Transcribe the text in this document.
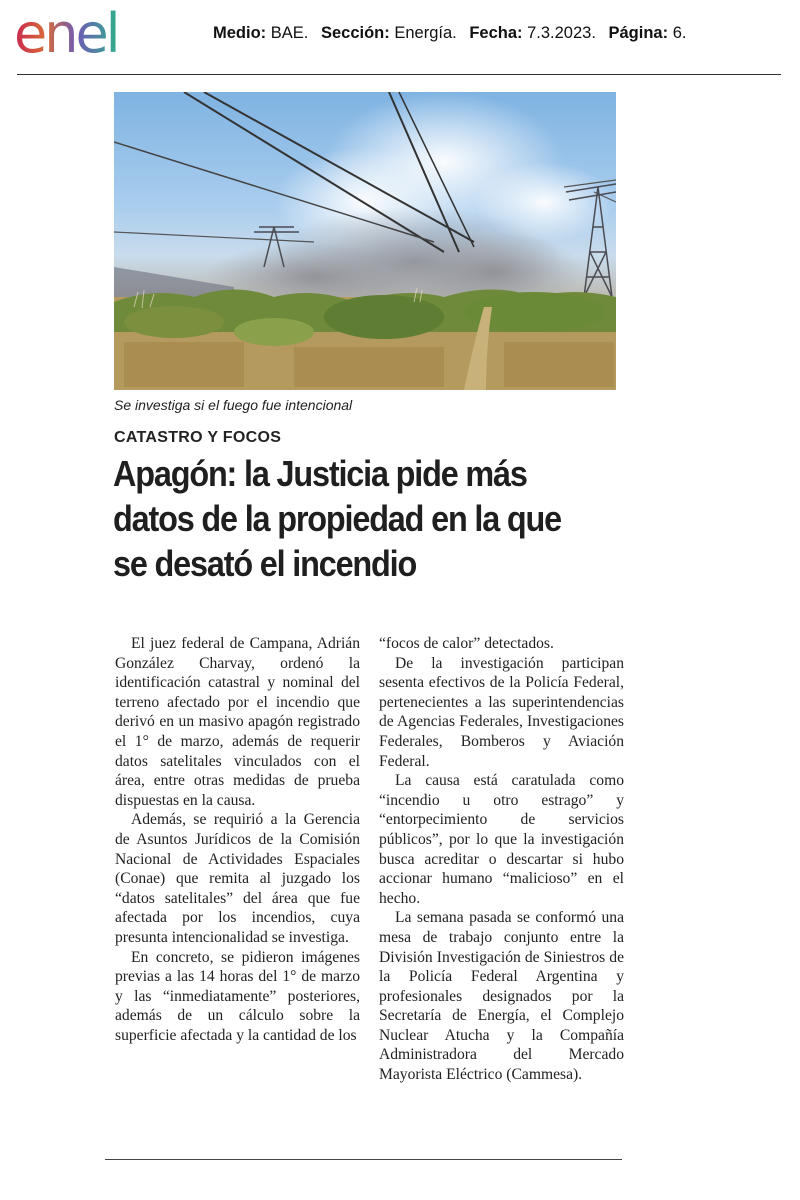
enel	Medio: BAE. Sección: Energía. Fecha: 7.3.2023. Página: 6.
Se investiga si el fuego fue intencional
CATASTRO Y FOCOS
Apagón: la Justicia pide más datos de la propiedad en la que se desató el incendio

El juez federal de Campana, Adrián González Charvay, ordenó la identificación catastral y nominal del terreno afectado por el incendio que derivó en un masivo apagón registrado el 1° de marzo, además de requerir datos satelitales vinculados con el área, entre otras medidas de prueba dispuestas en la causa.

Además, se requirió a la Gerencia de Asuntos Jurídicos de la Comisión Nacional de Actividades Espaciales (Conae) que remita al juzgado los “datos satelitales” del área que fue afectada por los incendios, cuya presunta intencionalidad se investiga.

En concreto, se pidieron imágenes previas a las 14 horas del 1° de marzo y las “inmediatamente” posteriores, además de un cálculo sobre la superficie afectada y la cantidad de los

“focos de calor” detectados.

De la investigación participan sesenta efectivos de la Policía Federal, pertenecientes a las superintendencias de Agencias Federales, Investigaciones Federales, Bomberos y Aviación Federal.

La causa está caratulada como “incendio u otro estrago” y “entorpecimiento de servicios públicos”, por lo que la investigación busca acreditar o descartar si hubo accionar humano “malicioso” en el hecho.

La semana pasada se conformó una mesa de trabajo conjunto entre la División Investigación de Siniestros de la Policía Federal Argentina y profesionales designados por la Secretaría de Energía, el Complejo Nuclear Atucha y la Compañía Administradora del Mercado Mayorista Eléctrico (Cammesa).
